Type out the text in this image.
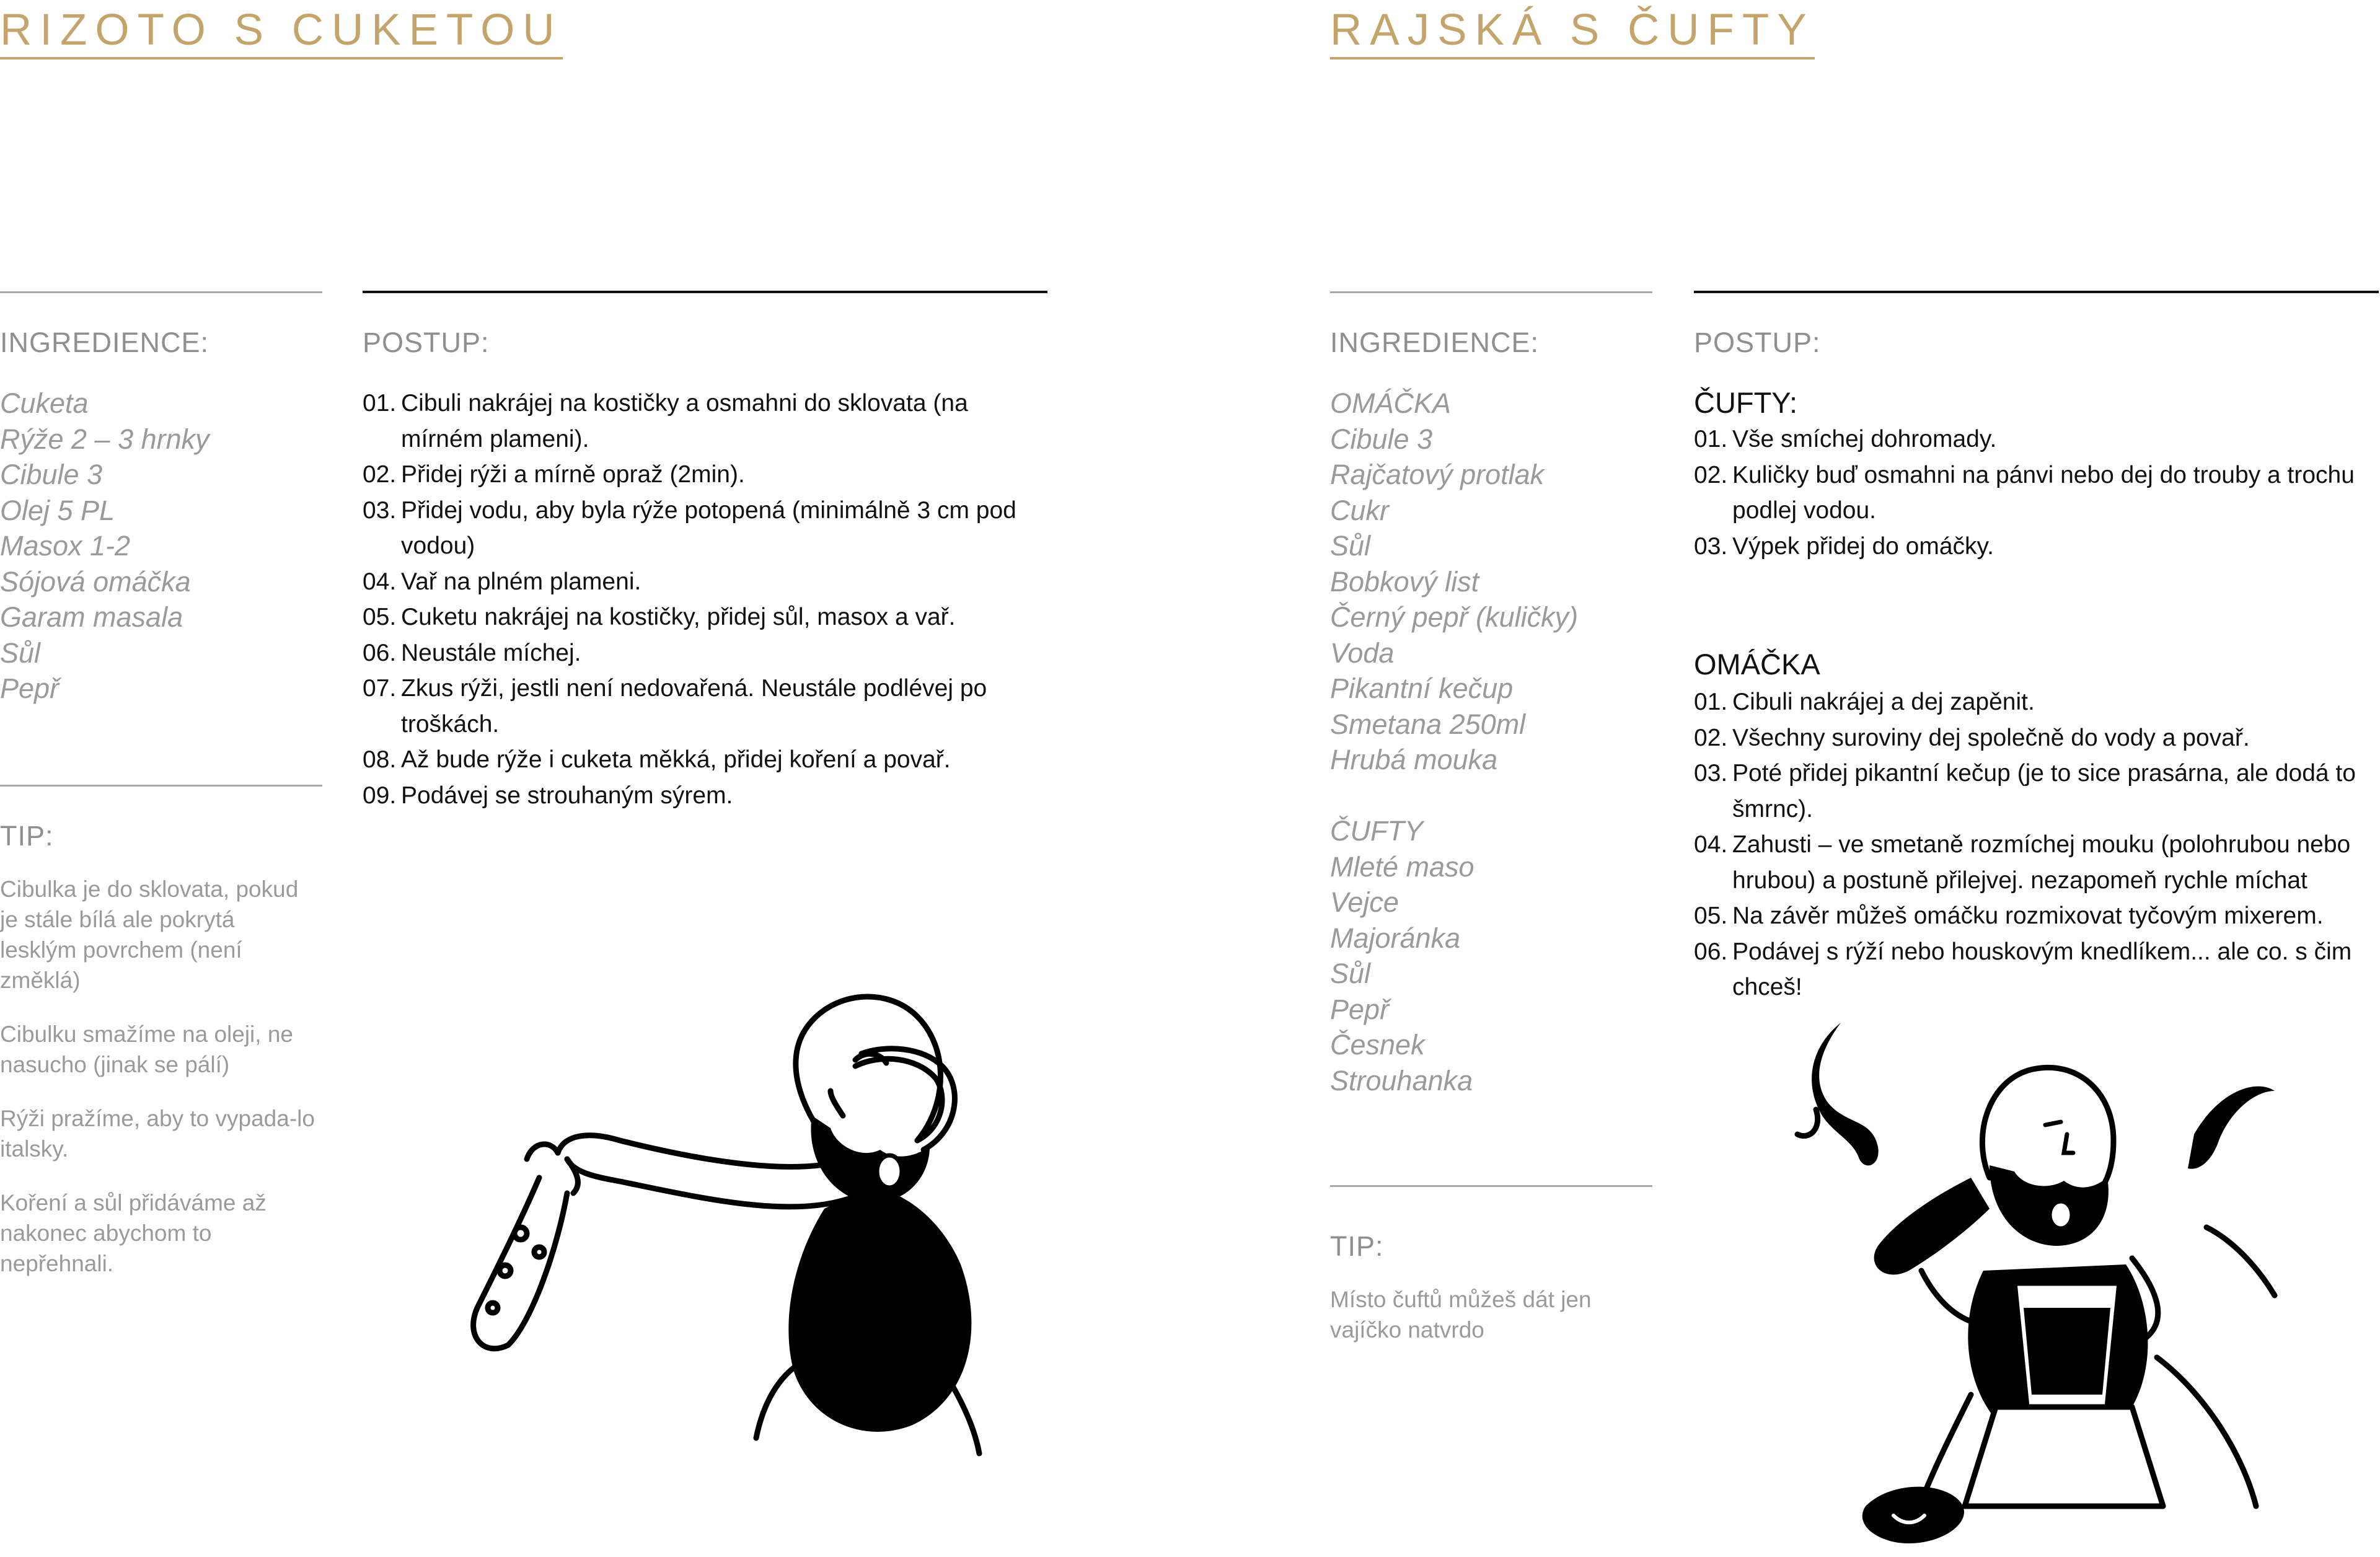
RIZOTO S CUKETOU
INGREDIENCE:
Cuketa
Rýže 2 – 3 hrnky
Cibule 3
Olej 5 PL
Masox 1-2
Sójová omáčka
Garam masala
Sůl
Pepř
TIP:

Cibulka je do sklovata, pokud je stále bílá ale pokrytá lesklým povrchem (není změklá)

Cibulku smažíme na oleji, ne nasucho (jinak se pálí)

Rýži pražíme, aby to vypada-lo italsky.

Koření a sůl přidáváme až nakonec abychom to nepřehnali.

POSTUP:
01. Cibuli nakrájej na kostičky a osmahni do sklovata (na mírném plameni).
02. Přidej rýži a mírně opraž (2min).
03. Přidej vodu, aby byla rýže potopená (minimálně 3 cm pod vodou)
04. Vař na plném plameni.
05. Cuketu nakrájej na kostičky, přidej sůl, masox a vař.
06. Neustále míchej.
07. Zkus rýži, jestli není nedovařená. Neustále podlévej po troškách.
08. Až bude rýže i cuketa měkká, přidej koření a povař.
09. Podávej se strouhaným sýrem.
RAJSKÁ S ČUFTY
INGREDIENCE:
OMÁČKA
Cibule 3
Rajčatový protlak
Cukr
Sůl
Bobkový list
Černý pepř (kuličky)
Voda
Pikantní kečup
Smetana 250ml
Hrubá mouka
ČUFTY
Mleté maso
Vejce
Majoránka
Sůl
Pepř
Česnek
Strouhanka
TIP:

Místo čuftů můžeš dát jen vajíčko natvrdo

POSTUP:
ČUFTY:
01. Vše smíchej dohromady.
02. Kuličky buď osmahni na pánvi nebo dej do trouby a trochu podlej vodou.
03. Výpek přidej do omáčky.
OMÁČKA
01. Cibuli nakrájej a dej zapěnit.
02. Všechny suroviny dej společně do vody a povař.
03. Poté přidej pikantní kečup (je to sice prasárna, ale dodá to šmrnc).
04. Zahusti – ve smetaně rozmíchej mouku (polohrubou nebo hrubou) a postuně přilejvej. nezapomeň rychle míchat
05. Na závěr můžeš omáčku rozmixovat tyčovým mixerem.
06. Podávej s rýží nebo houskovým knedlíkem... ale co. s čim chceš!
